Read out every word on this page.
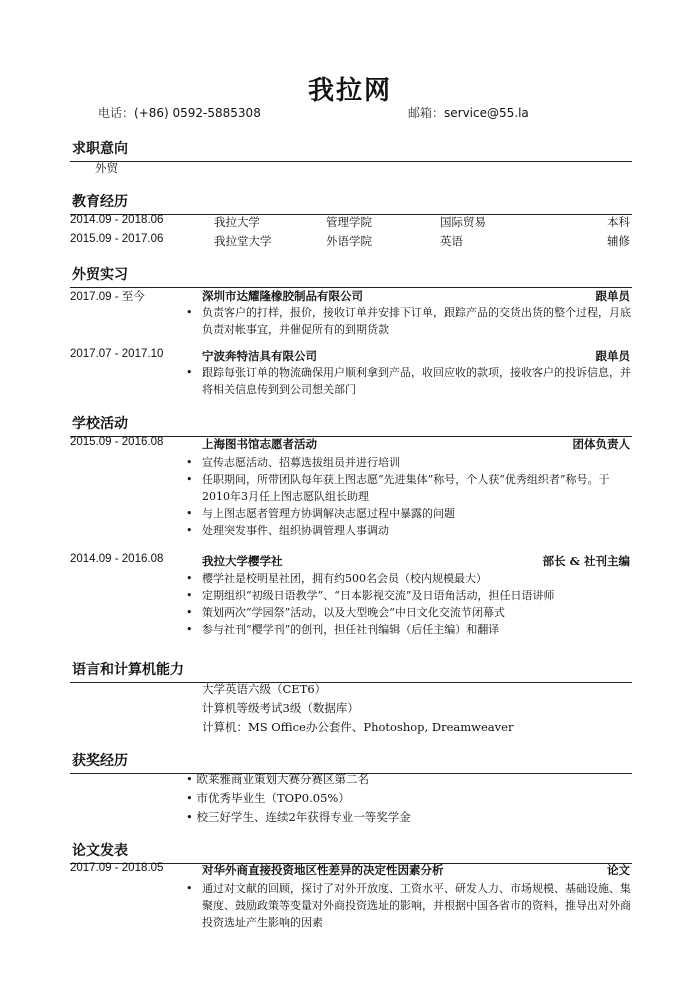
我拉网
电话：(+86) 0592-5885308	邮箱：service@55.la
求职意向
外贸
教育经历
2014.09 - 2018.06	我拉大学	管理学院	国际贸易	本科
2015.09 - 2017.06	我拉堂大学	外语学院	英语	辅修
外贸实习
2017.09 - 至今	深圳市达耀隆橡胶制品有限公司	跟单员
• 负责客户的打样，报价，接收订单并安排下订单，跟踪产品的交货出货的整个过程，月底负责对帐事宜，并催促所有的到期货款
2017.07 - 2017.10	宁波奔特洁具有限公司	跟单员
• 跟踪每张订单的物流确保用户顺利拿到产品，收回应收的款项，接收客户的投诉信息，并将相关信息传到到公司想关部门
学校活动
2015.09 - 2016.08	上海图书馆志愿者活动	团体负责人
• 宣传志愿活动、招募选拔组员并进行培训
• 任职期间，所带团队每年获上图志愿“先进集体”称号，个人获“优秀组织者”称号。于2010年3月任上图志愿队组长助理
• 与上图志愿者管理方协调解决志愿过程中暴露的问题
• 处理突发事件、组织协调管理人事调动
2014.09 - 2016.08	我拉大学樱学社	部长 & 社刊主编
• 樱学社是校明星社团，拥有约500名会员（校内规模最大）
• 定期组织“初级日语教学”、“日本影视交流”及日语角活动，担任日语讲师
• 策划两次“学园祭”活动，以及大型晚会“中日文化交流节闭幕式
• 参与社刊“樱学刊”的创刊，担任社刊编辑（后任主编）和翻译
语言和计算机能力
大学英语六级（CET6）
计算机等级考试3级（数据库）
计算机：MS Office办公套件、Photoshop, Dreamweaver
获奖经历
• 欧莱雅商业策划大赛分赛区第二名
• 市优秀毕业生（TOP0.05%）
• 校三好学生、连续2年获得专业一等奖学金
论文发表
2017.09 - 2018.05	对华外商直接投资地区性差异的决定性因素分析	论文
• 通过对文献的回顾，探讨了对外开放度、工资水平、研发人力、市场规模、基础设施、集聚度、鼓励政策等变量对外商投资选址的影响，并根据中国各省市的资料，推导出对外商投资选址产生影响的因素
